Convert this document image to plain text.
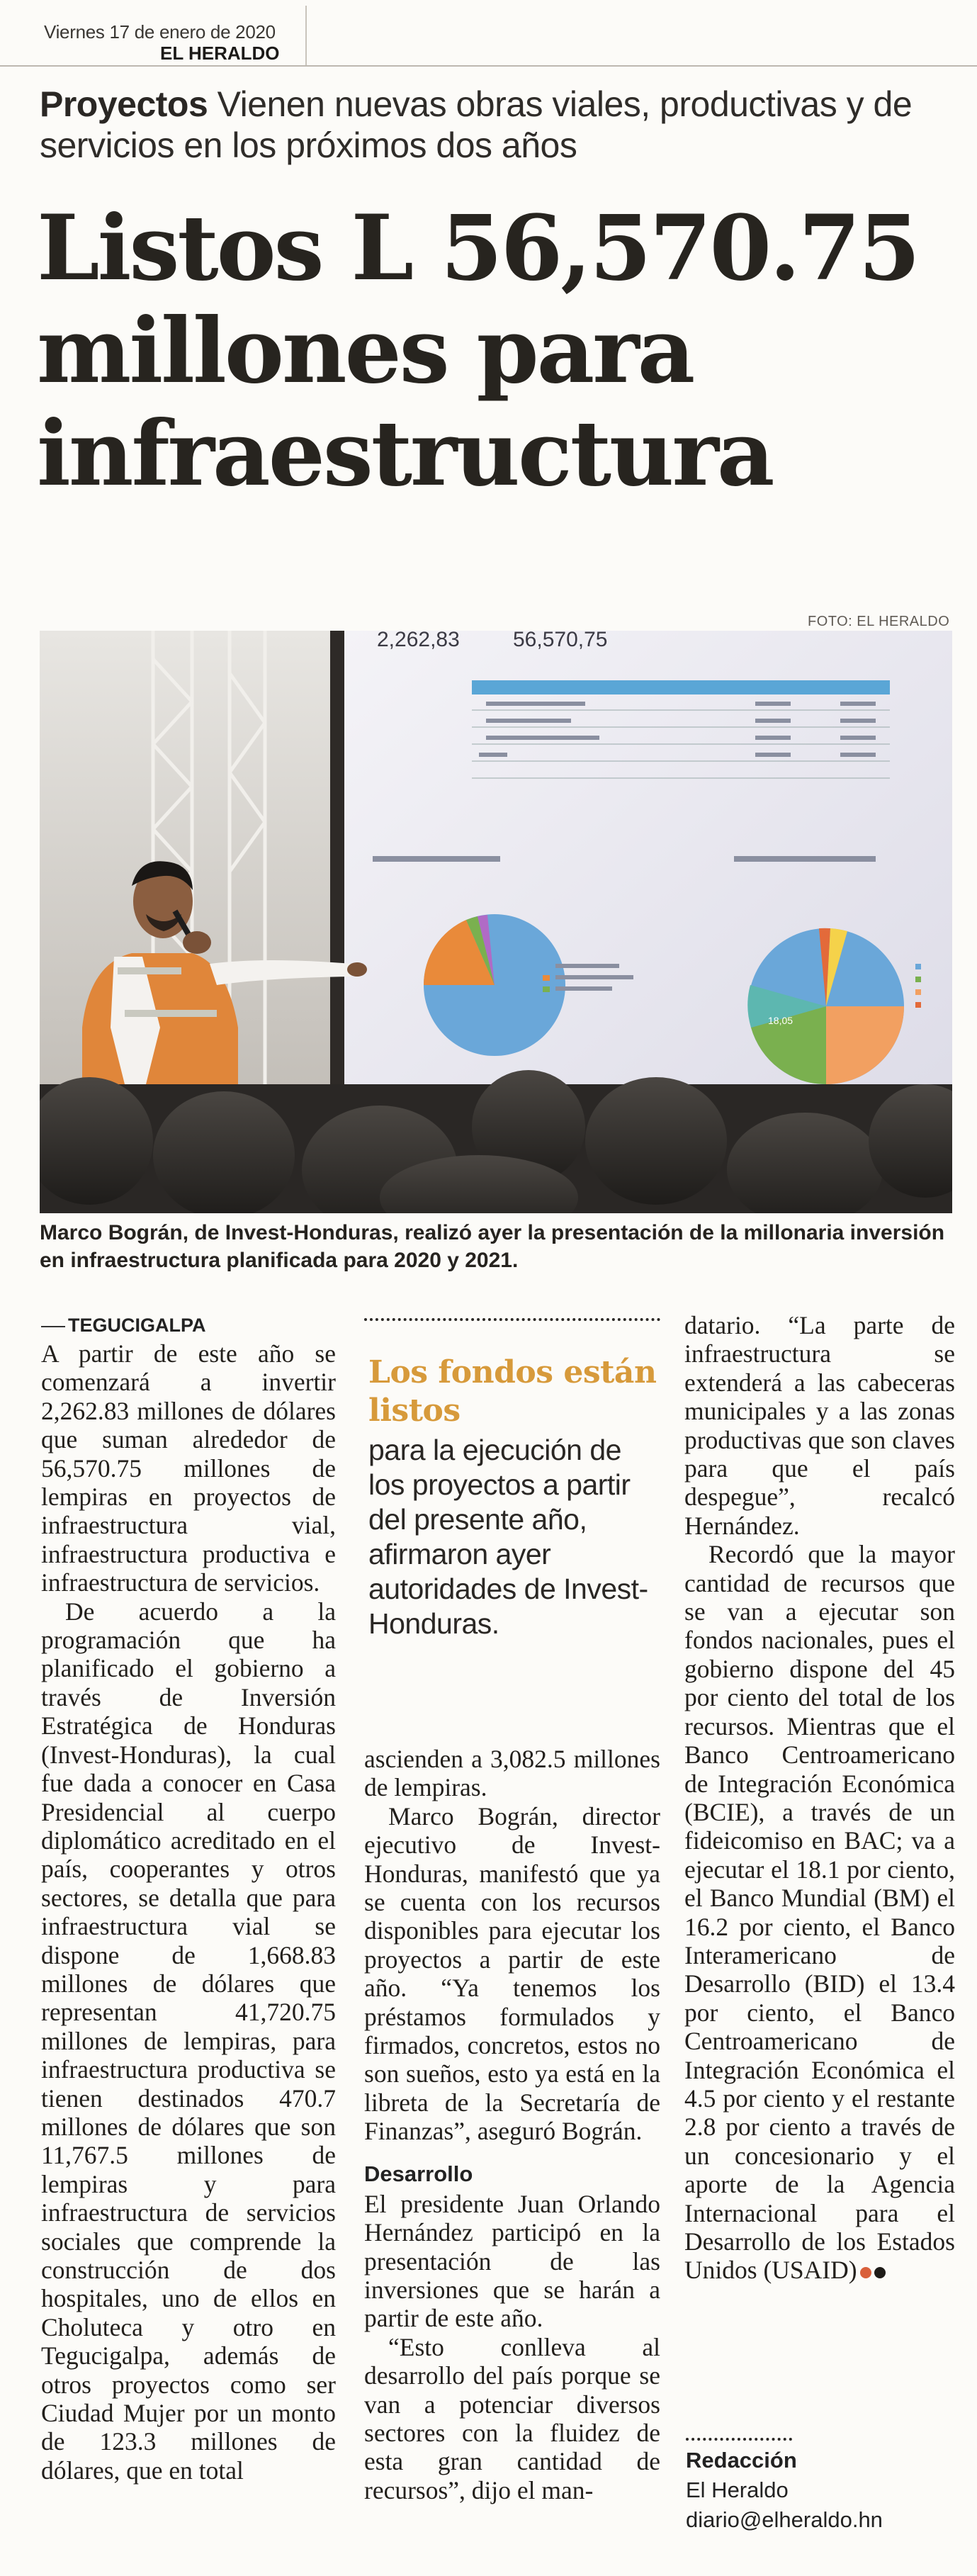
Viernes 17 de enero de 2020
EL HERALDO
Proyectos Vienen nuevas obras viales, productivas y de servicios en los próximos dos años
Listos L 56,570.75
millones para
infraestructura
FOTO: EL HERALDO
2,262,83	56,570,75
18,05
Marco Bográn, de Invest-Honduras, realizó ayer la presentación de la millonaria inversión en infraestructura planificada para 2020 y 2021.

TEGUCIGALPA

A partir de este año se comenzará a invertir 2,262.83 millones de dólares que suman alrededor de 56,570.75 millones de lempiras en proyectos de infraestructura vial, infraestructura productiva e infraestructura de servicios.

De acuerdo a la programación que ha planificado el gobierno a través de Inversión Estratégica de Honduras (Invest-Honduras), la cual fue dada a conocer en Casa Presidencial al cuerpo diplomático acreditado en el país, cooperantes y otros sectores, se detalla que para infraestructura vial se dispone de 1,668.83 millones de dólares que representan 41,720.75 millones de lempiras, para infraestructura productiva se tienen destinados 470.7 millones de dólares que son 11,767.5 millones de lempiras y para infraestructura de servicios sociales que comprende la construcción de dos hospitales, uno de ellos en Choluteca y otro en Tegucigalpa, además de otros proyectos como ser Ciudad Mujer por un monto de 123.3 millones de dólares, que en total

Los fondos están listos
para la ejecución de los proyectos a partir del presente año, afirmaron ayer autoridades de Invest-Honduras.

ascienden a 3,082.5 millones de lempiras.

Marco Bográn, director ejecutivo de Invest-Honduras, manifestó que ya se cuenta con los recursos disponibles para ejecutar los proyectos a partir de este año. “Ya tenemos los préstamos formulados y firmados, concretos, estos no son sueños, esto ya está en la libreta de la Secretaría de Finanzas”, aseguró Bográn.

Desarrollo

El presidente Juan Orlando Hernández participó en la presentación de las inversiones que se harán a partir de este año.

“Esto conlleva al desarrollo del país porque se van a potenciar diversos sectores con la fluidez de esta gran cantidad de recursos”, dijo el man-

datario. “La parte de infraestructura se extenderá a las cabeceras municipales y a las zonas productivas que son claves para que el país despegue”, recalcó Hernández.

Recordó que la mayor cantidad de recursos que se van a ejecutar son fondos nacionales, pues el gobierno dispone del 45 por ciento del total de los recursos. Mientras que el Banco Centroamericano de Integración Económica (BCIE), a través de un fideicomiso en BAC; va a ejecutar el 18.1 por ciento, el Banco Mundial (BM) el 16.2 por ciento, el Banco Interamericano de Desarrollo (BID) el 13.4 por ciento, el Banco Centroamericano de Integración Económica el 4.5 por ciento y el restante 2.8 por ciento a través de un concesionario y el aporte de la Agencia Internacional para el Desarrollo de los Estados Unidos (USAID)

Redacción
El Heraldo
diario@elheraldo.hn
